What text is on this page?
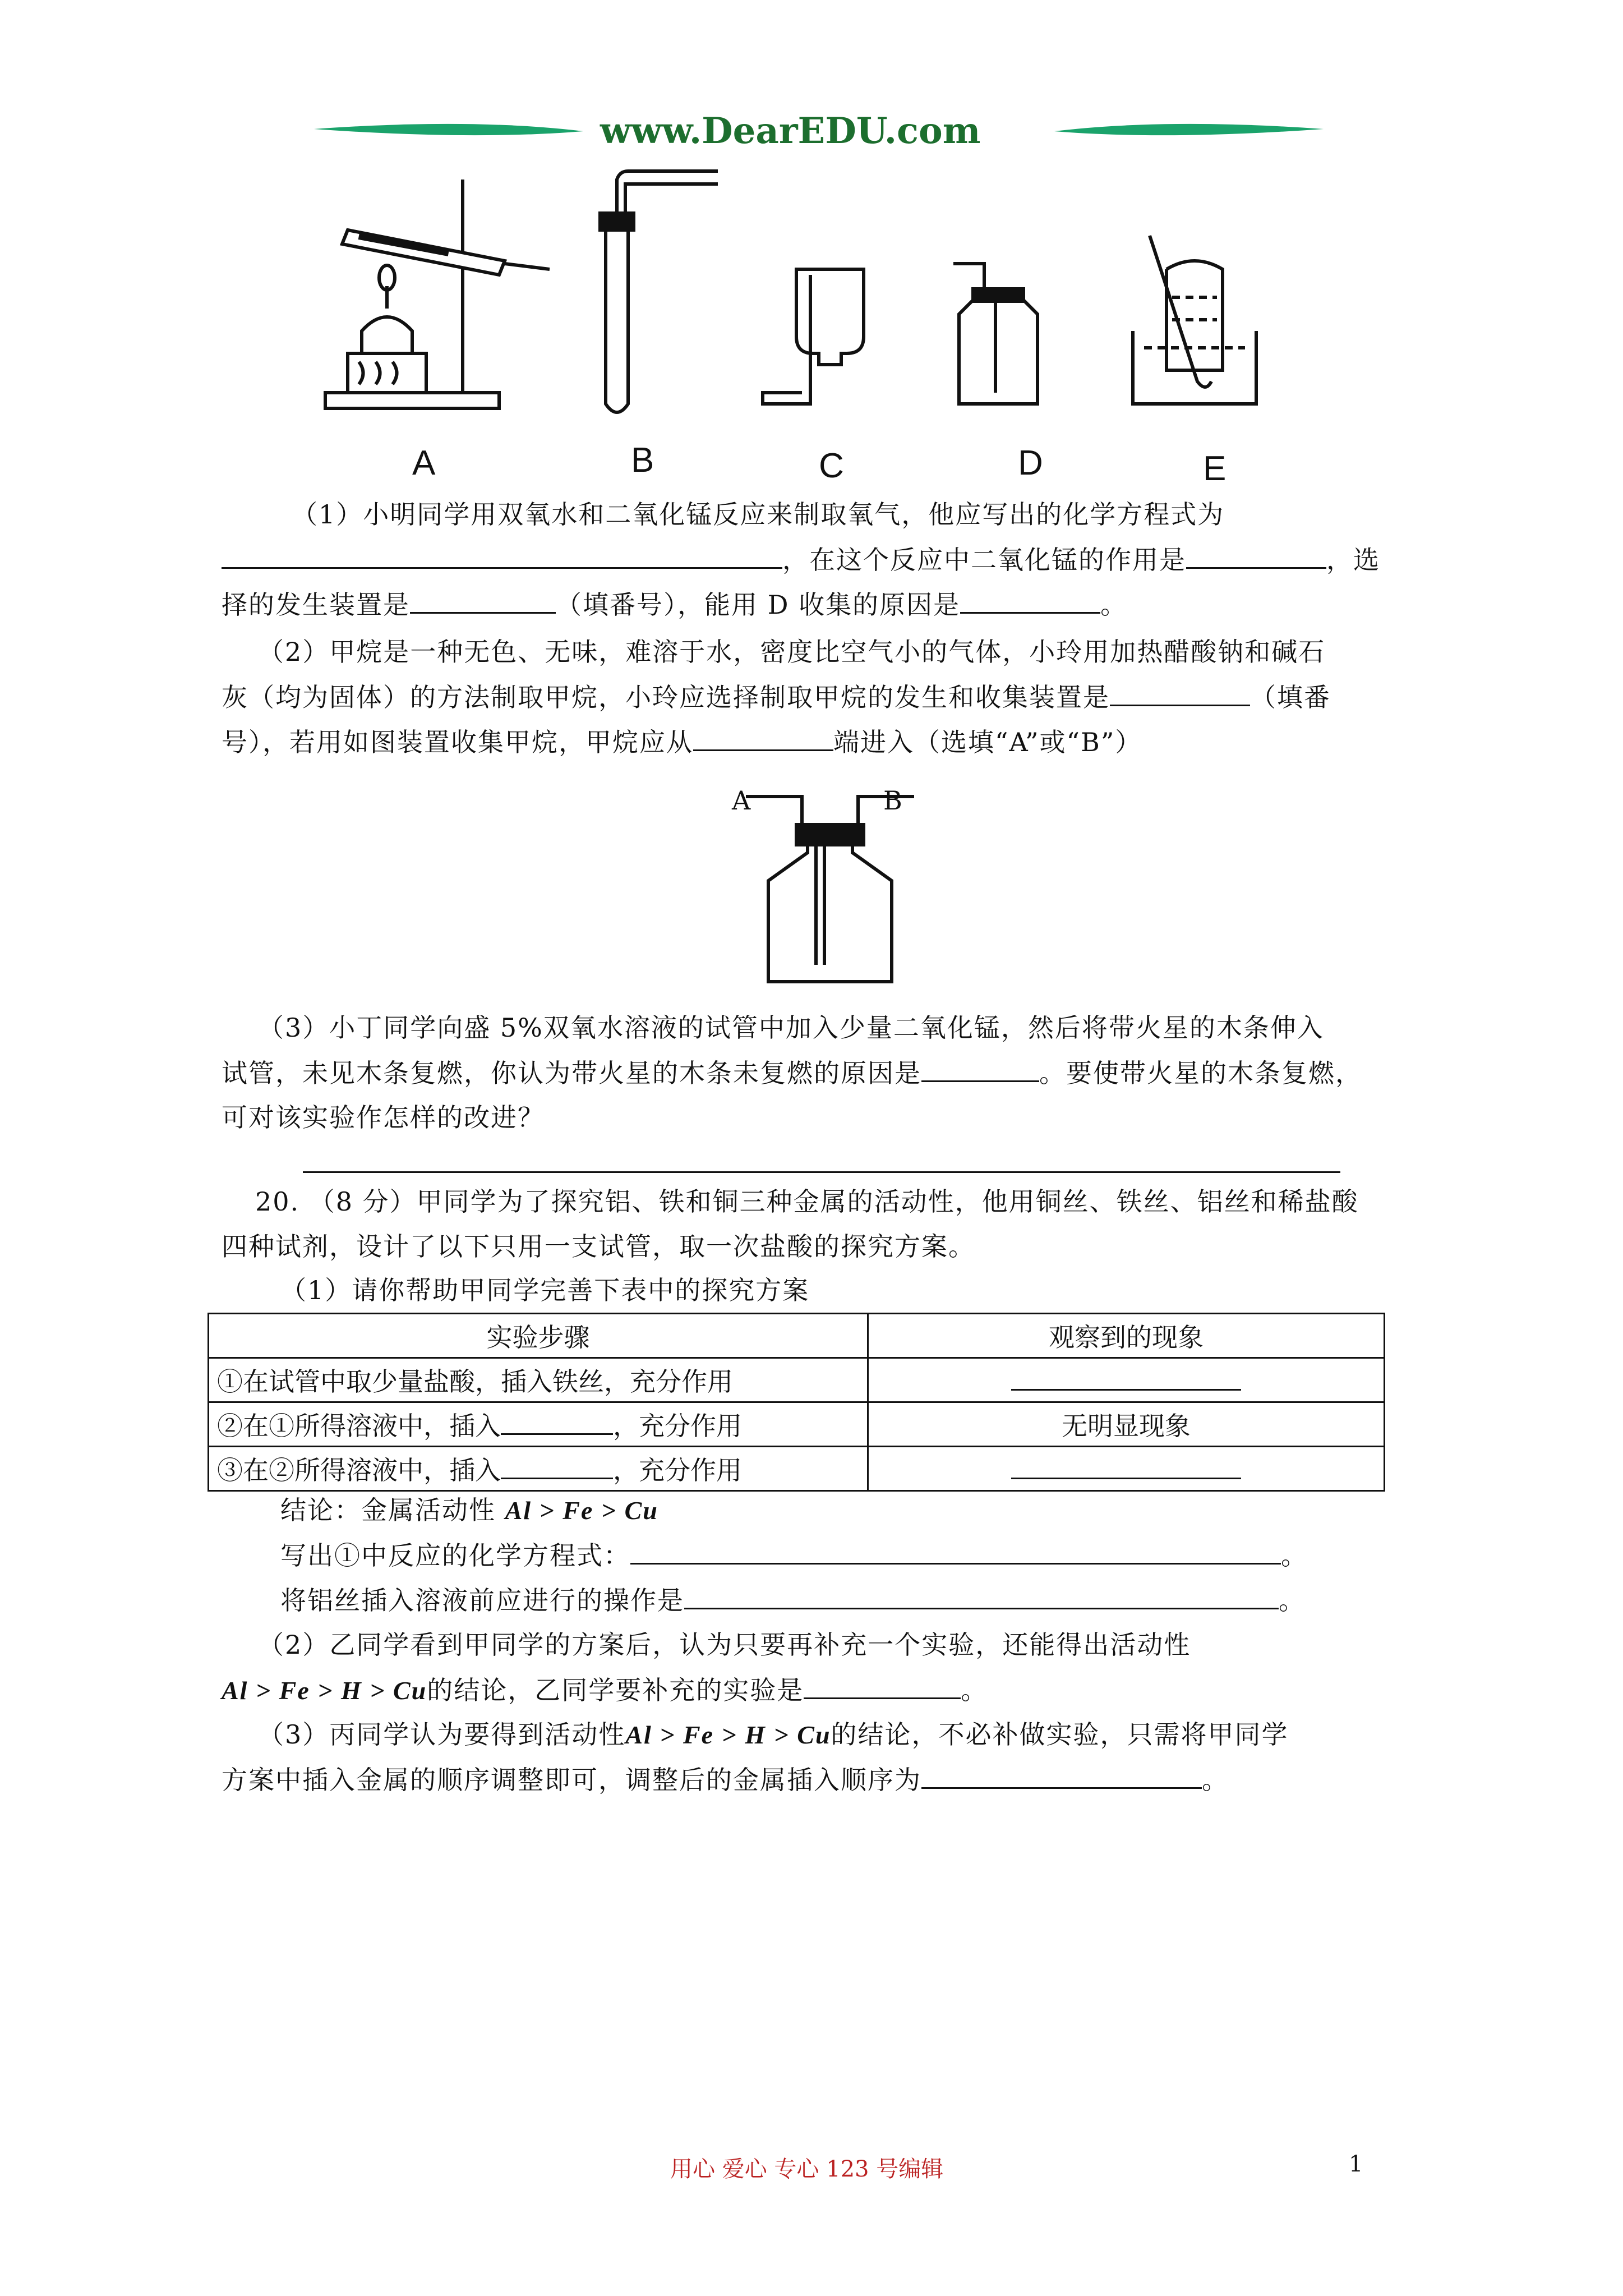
www.DearEDU.com
A	B	C	D	E
（1）小明同学用双氧水和二氧化锰反应来制取氧气，他应写出的化学方程式为
，在这个反应中二氧化锰的作用是	，选
择的发生装置是	（填番号），能用 D 收集的原因是	。
（2）甲烷是一种无色、无味，难溶于水，密度比空气小的气体，小玲用加热醋酸钠和碱石
灰（均为固体）的方法制取甲烷，小玲应选择制取甲烷的发生和收集装置是	（填番
号），若用如图装置收集甲烷，甲烷应从	端进入（选填“A”或“B”）
A	B
（3）小丁同学向盛 5%双氧水溶液的试管中加入少量二氧化锰，然后将带火星的木条伸入
试管，未见木条复燃，你认为带火星的木条未复燃的原因是	。要使带火星的木条复燃，
可对该实验作怎样的改进？
20. （8 分）甲同学为了探究铝、铁和铜三种金属的活动性，他用铜丝、铁丝、铝丝和稀盐酸
四种试剂，设计了以下只用一支试管，取一次盐酸的探究方案。
（1）请你帮助甲同学完善下表中的探究方案
实验步骤	观察到的现象
①在试管中取少量盐酸，插入铁丝，充分作用	
②在①所得溶液中，插入 ，充分作用	无明显现象
③在②所得溶液中，插入 ，充分作用	
结论：金属活动性 Al > Fe > Cu
写出①中反应的化学方程式：	。
将铝丝插入溶液前应进行的操作是	。
（2）乙同学看到甲同学的方案后，认为只要再补充一个实验，还能得出活动性
Al > Fe > H > Cu的结论，乙同学要补充的实验是	。
（3）丙同学认为要得到活动性Al > Fe > H > Cu的结论，不必补做实验，只需将甲同学
方案中插入金属的顺序调整即可，调整后的金属插入顺序为	。
用心 爱心 专心 123 号编辑	1
